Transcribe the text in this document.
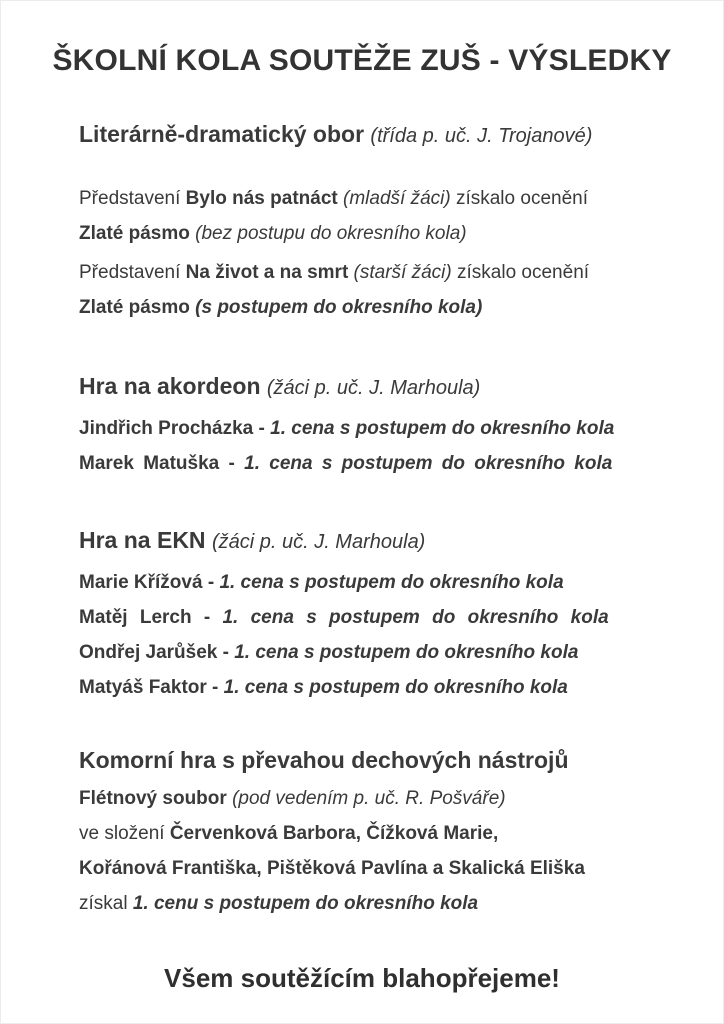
ŠKOLNÍ KOLA SOUTĚŽE ZUŠ - VÝSLEDKY
Literárně-dramatický obor (třída p. uč. J. Trojanové)
Představení Bylo nás patnáct (mladší žáci) získalo ocenění
Zlaté pásmo (bez postupu do okresního kola)
Představení Na život a na smrt (starší žáci) získalo ocenění
Zlaté pásmo (s postupem do okresního kola)
Hra na akordeon (žáci p. uč. J. Marhoula)
Jindřich Procházka - 1. cena s postupem do okresního kola
Marek Matuška - 1. cena s postupem do okresního kola
Hra na EKN (žáci p. uč. J. Marhoula)
Marie Křížová - 1. cena s postupem do okresního kola
Matěj Lerch - 1. cena s postupem do okresního kola
Ondřej Jarůšek - 1. cena s postupem do okresního kola
Matyáš Faktor - 1. cena s postupem do okresního kola
Komorní hra s převahou dechových nástrojů
Flétnový soubor (pod vedením p. uč. R. Pošváře)
ve složení Červenková Barbora, Čížková Marie,
Kořánová Františka, Pištěková Pavlína a Skalická Eliška
získal 1. cenu s postupem do okresního kola
Všem soutěžícím blahopřejeme!
